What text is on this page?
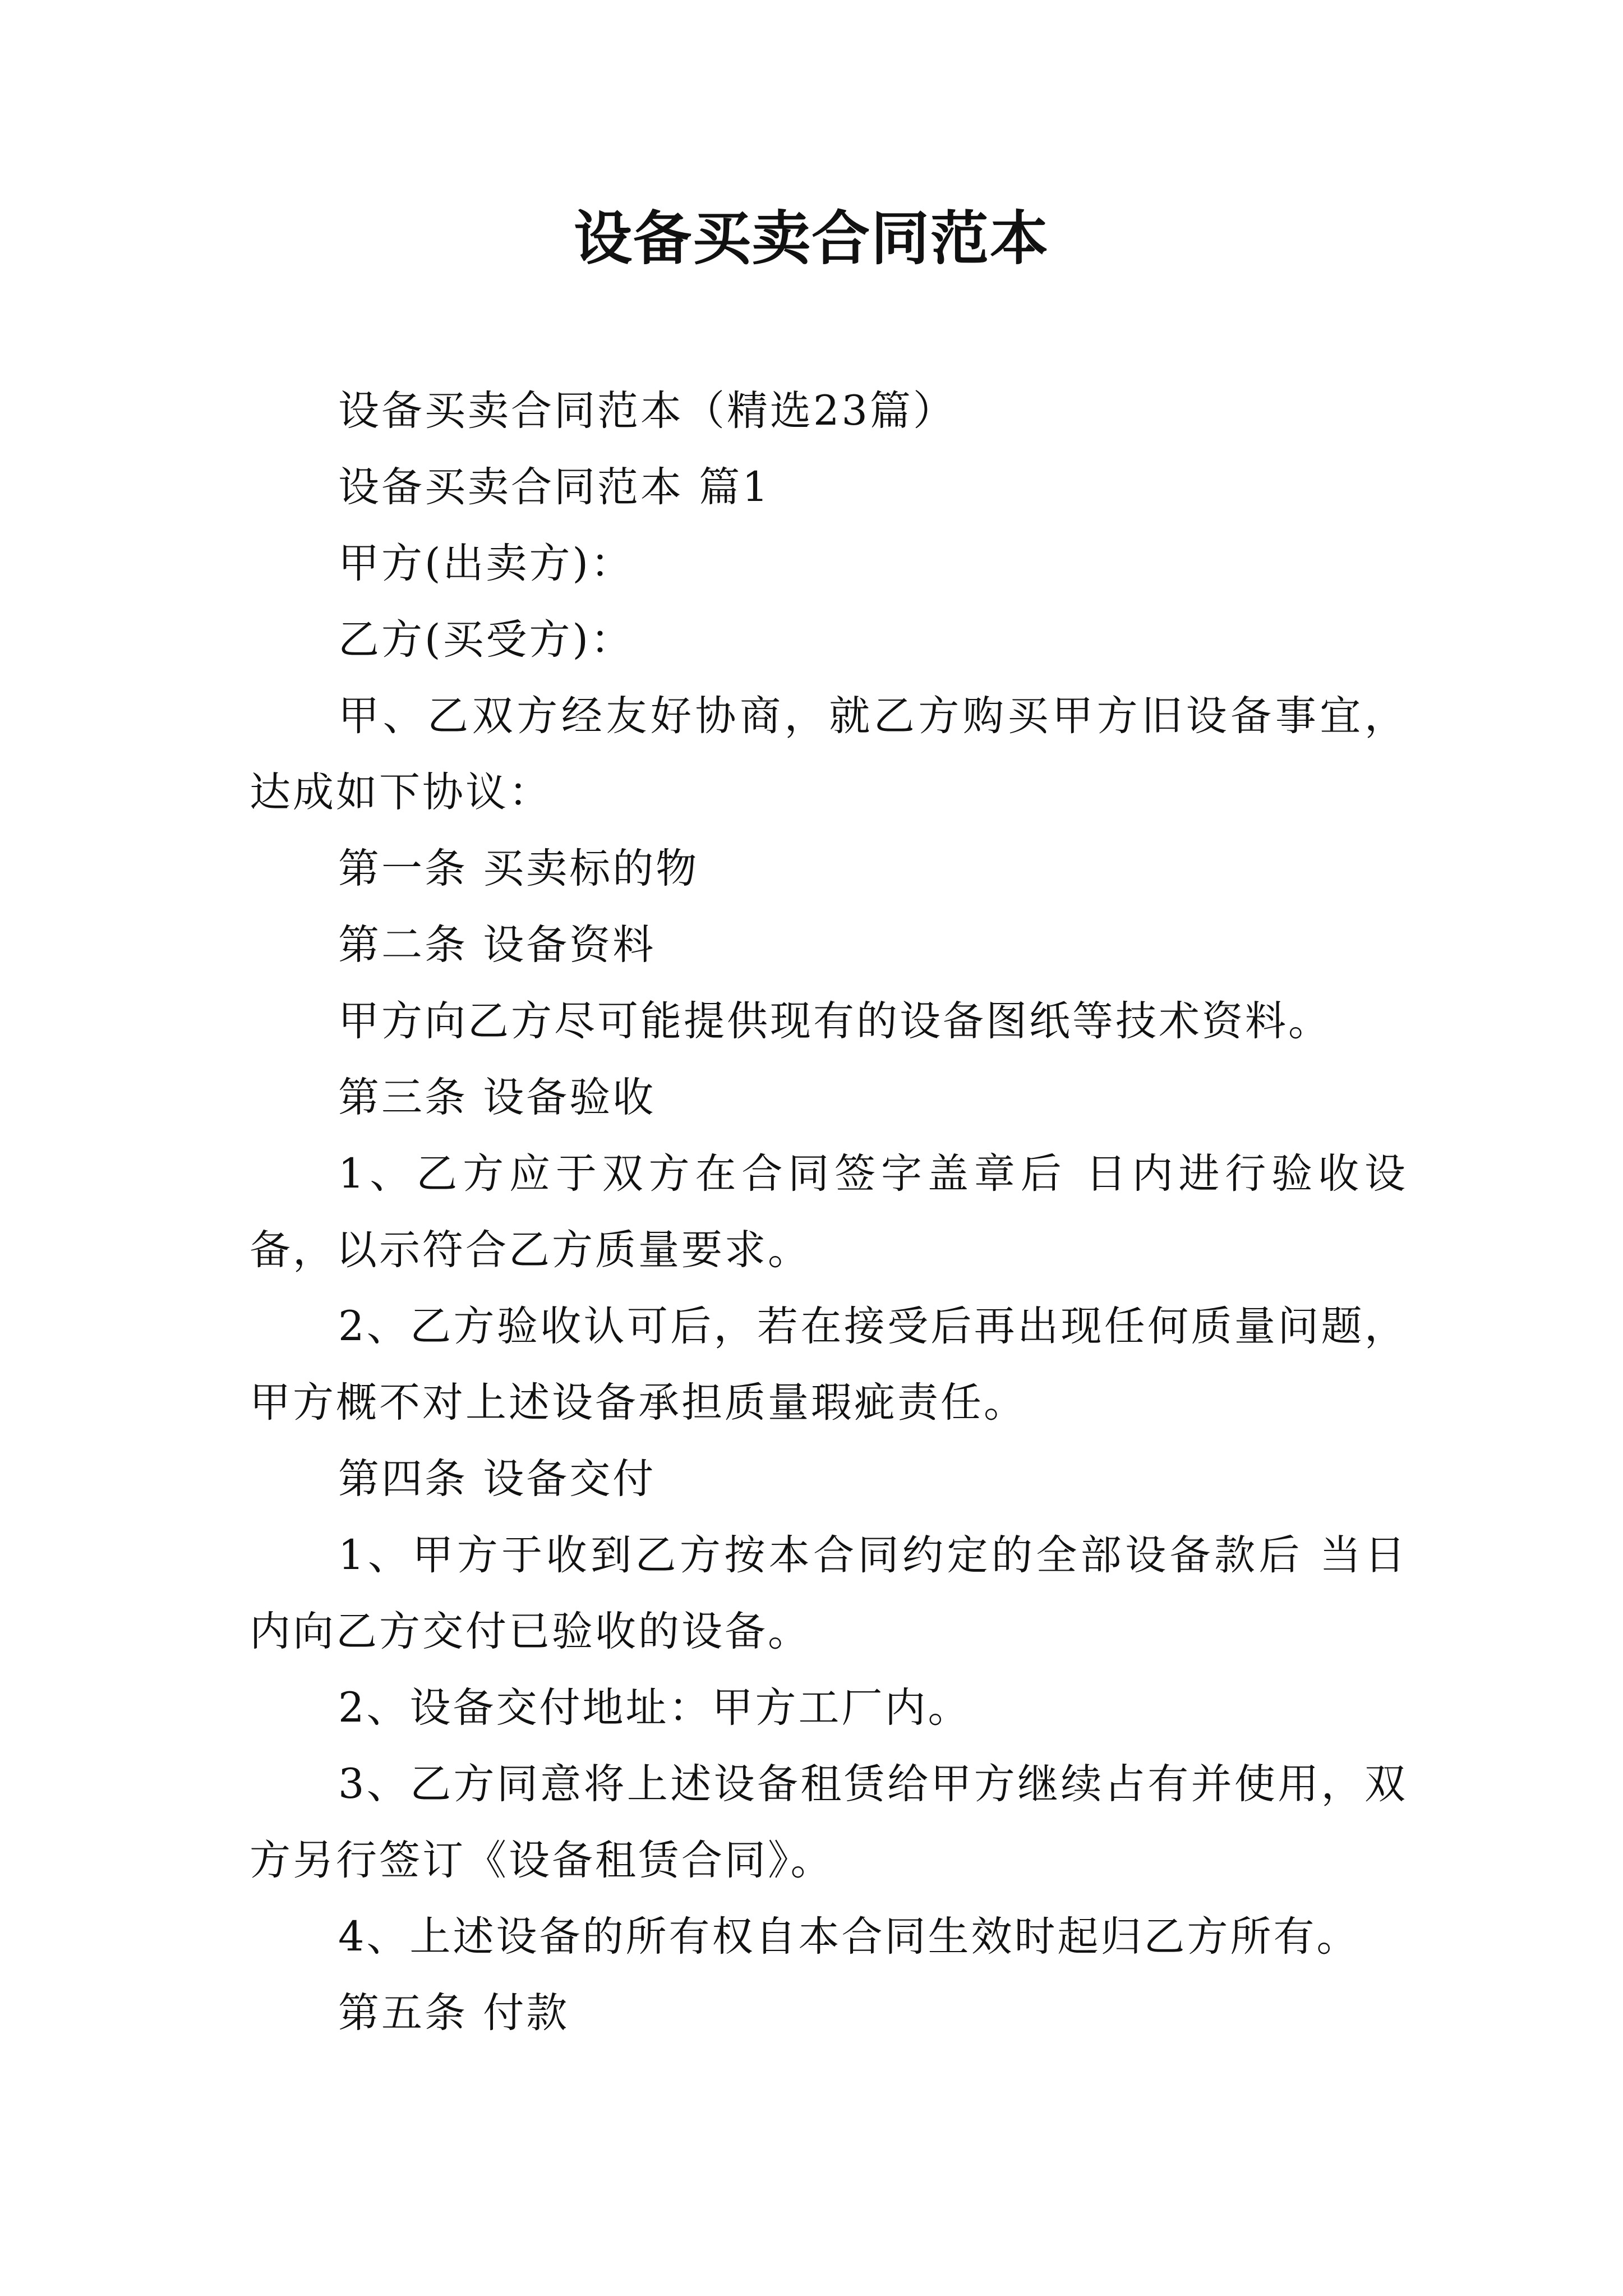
设备买卖合同范本

设备买卖合同范本（精选23篇）

设备买卖合同范本 篇1

甲方(出卖方)：

乙方(买受方)：

甲、乙双方经友好协商，就乙方购买甲方旧设备事宜，达成如下协议：

第一条 买卖标的物

第二条 设备资料

甲方向乙方尽可能提供现有的设备图纸等技术资料。

第三条 设备验收

1、乙方应于双方在合同签字盖章后 日内进行验收设备，以示符合乙方质量要求。

2、乙方验收认可后，若在接受后再出现任何质量问题，甲方概不对上述设备承担质量瑕疵责任。

第四条 设备交付

1、甲方于收到乙方按本合同约定的全部设备款后 当日内向乙方交付已验收的设备。

2、设备交付地址：甲方工厂内。

3、乙方同意将上述设备租赁给甲方继续占有并使用，双方另行签订《设备租赁合同》。

4、上述设备的所有权自本合同生效时起归乙方所有。

第五条 付款
